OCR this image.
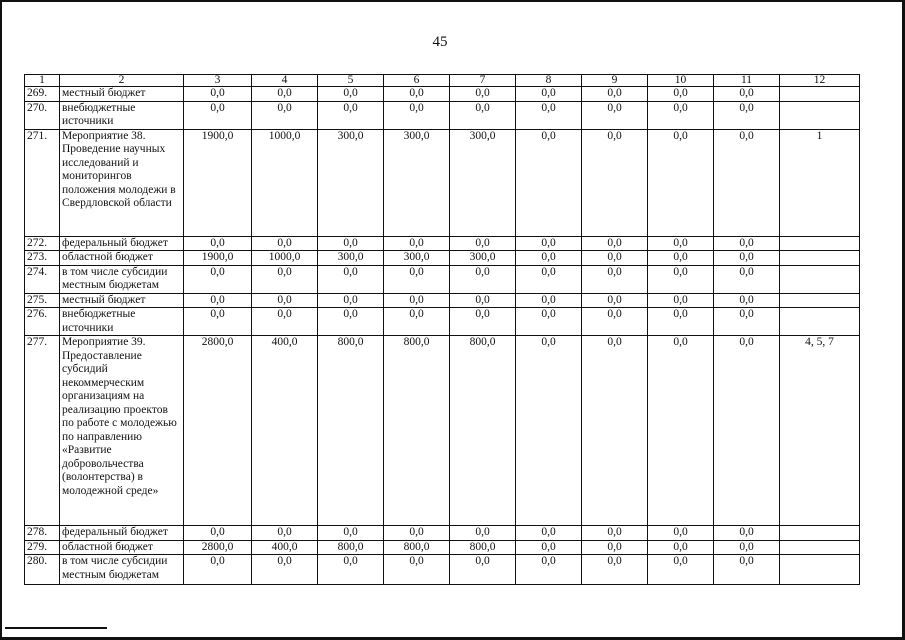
45
1	2	3	4	5	6	7	8	9	10	11	12
269.	местный бюджет	0,0	0,0	0,0	0,0	0,0	0,0	0,0	0,0	0,0	
270.	внебюджетные источники	0,0	0,0	0,0	0,0	0,0	0,0	0,0	0,0	0,0	
271.	Мероприятие 38. Проведение научных исследований и мониторингов положения молодежи в Свердловской области	1900,0	1000,0	300,0	300,0	300,0	0,0	0,0	0,0	0,0	1
272.	федеральный бюджет	0,0	0,0	0,0	0,0	0,0	0,0	0,0	0,0	0,0	
273.	областной бюджет	1900,0	1000,0	300,0	300,0	300,0	0,0	0,0	0,0	0,0	
274.	в том числе субсидии местным бюджетам	0,0	0,0	0,0	0,0	0,0	0,0	0,0	0,0	0,0	
275.	местный бюджет	0,0	0,0	0,0	0,0	0,0	0,0	0,0	0,0	0,0	
276.	внебюджетные источники	0,0	0,0	0,0	0,0	0,0	0,0	0,0	0,0	0,0	
277.	Мероприятие 39. Предоставление субсидий некоммерческим организациям на реализацию проектов по работе с молодежью по направлению «Развитие добровольчества (волонтерства) в молодежной среде»	2800,0	400,0	800,0	800,0	800,0	0,0	0,0	0,0	0,0	4, 5, 7
278.	федеральный бюджет	0,0	0,0	0,0	0,0	0,0	0,0	0,0	0,0	0,0	
279.	областной бюджет	2800,0	400,0	800,0	800,0	800,0	0,0	0,0	0,0	0,0	
280.	в том числе субсидии местным бюджетам	0,0	0,0	0,0	0,0	0,0	0,0	0,0	0,0	0,0	
